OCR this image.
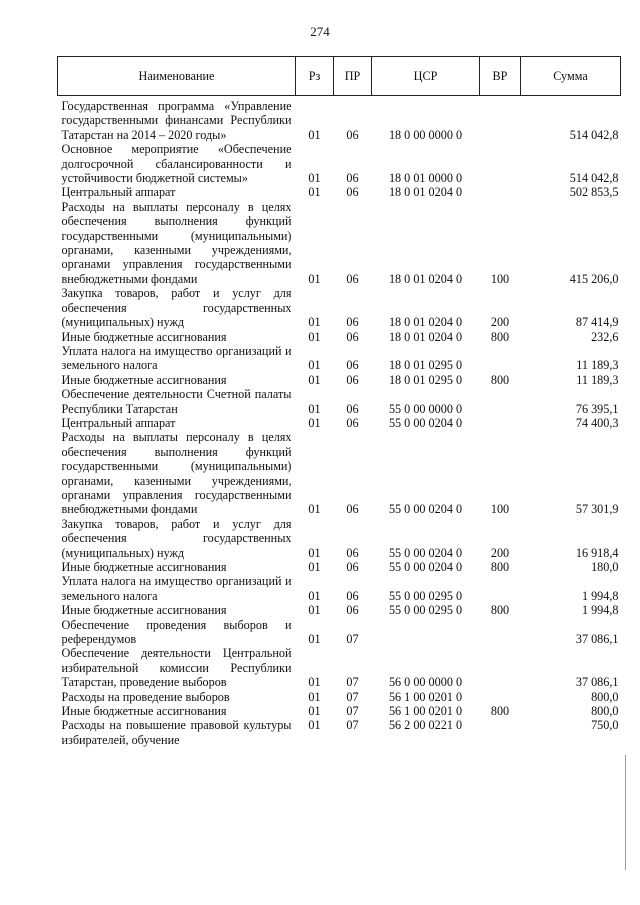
274
Наименование	Рз	ПР	ЦСР	ВР	Сумма
Государственная программа «Управление государственными финансами Республики Татарстан на 2014 – 2020 годы»	01	06	18 0 00 0000 0		514 042,8
Основное мероприятие «Обеспечение долгосрочной сбалансированности и устойчивости бюджетной системы»	01	06	18 0 01 0000 0		514 042,8
Центральный аппарат	01	06	18 0 01 0204 0		502 853,5
Расходы на выплаты персоналу в целях обеспечения выполнения функций государственными (муниципальными) органами, казенными учреждениями, органами управления государственными внебюджетными фондами	01	06	18 0 01 0204 0	100	415 206,0
Закупка товаров, работ и услуг для обеспечения государственных (муниципальных) нужд	01	06	18 0 01 0204 0	200	87 414,9
Иные бюджетные ассигнования	01	06	18 0 01 0204 0	800	232,6
Уплата налога на имущество организаций и земельного налога	01	06	18 0 01 0295 0		11 189,3
Иные бюджетные ассигнования	01	06	18 0 01 0295 0	800	11 189,3
Обеспечение деятельности Счетной палаты Республики Татарстан	01	06	55 0 00 0000 0		76 395,1
Центральный аппарат	01	06	55 0 00 0204 0		74 400,3
Расходы на выплаты персоналу в целях обеспечения выполнения функций государственными (муниципальными) органами, казенными учреждениями, органами управления государственными внебюджетными фондами	01	06	55 0 00 0204 0	100	57 301,9
Закупка товаров, работ и услуг для обеспечения государственных (муниципальных) нужд	01	06	55 0 00 0204 0	200	16 918,4
Иные бюджетные ассигнования	01	06	55 0 00 0204 0	800	180,0
Уплата налога на имущество организаций и земельного налога	01	06	55 0 00 0295 0		1 994,8
Иные бюджетные ассигнования	01	06	55 0 00 0295 0	800	1 994,8
Обеспечение проведения выборов и референдумов	01	07			37 086,1
Обеспечение деятельности Центральной избирательной комиссии Республики Татарстан, проведение выборов	01	07	56 0 00 0000 0		37 086,1
Расходы на проведение выборов	01	07	56 1 00 0201 0		800,0
Иные бюджетные ассигнования	01	07	56 1 00 0201 0	800	800,0
Расходы на повышение правовой культуры избирателей, обучение	01	07	56 2 00 0221 0		750,0
